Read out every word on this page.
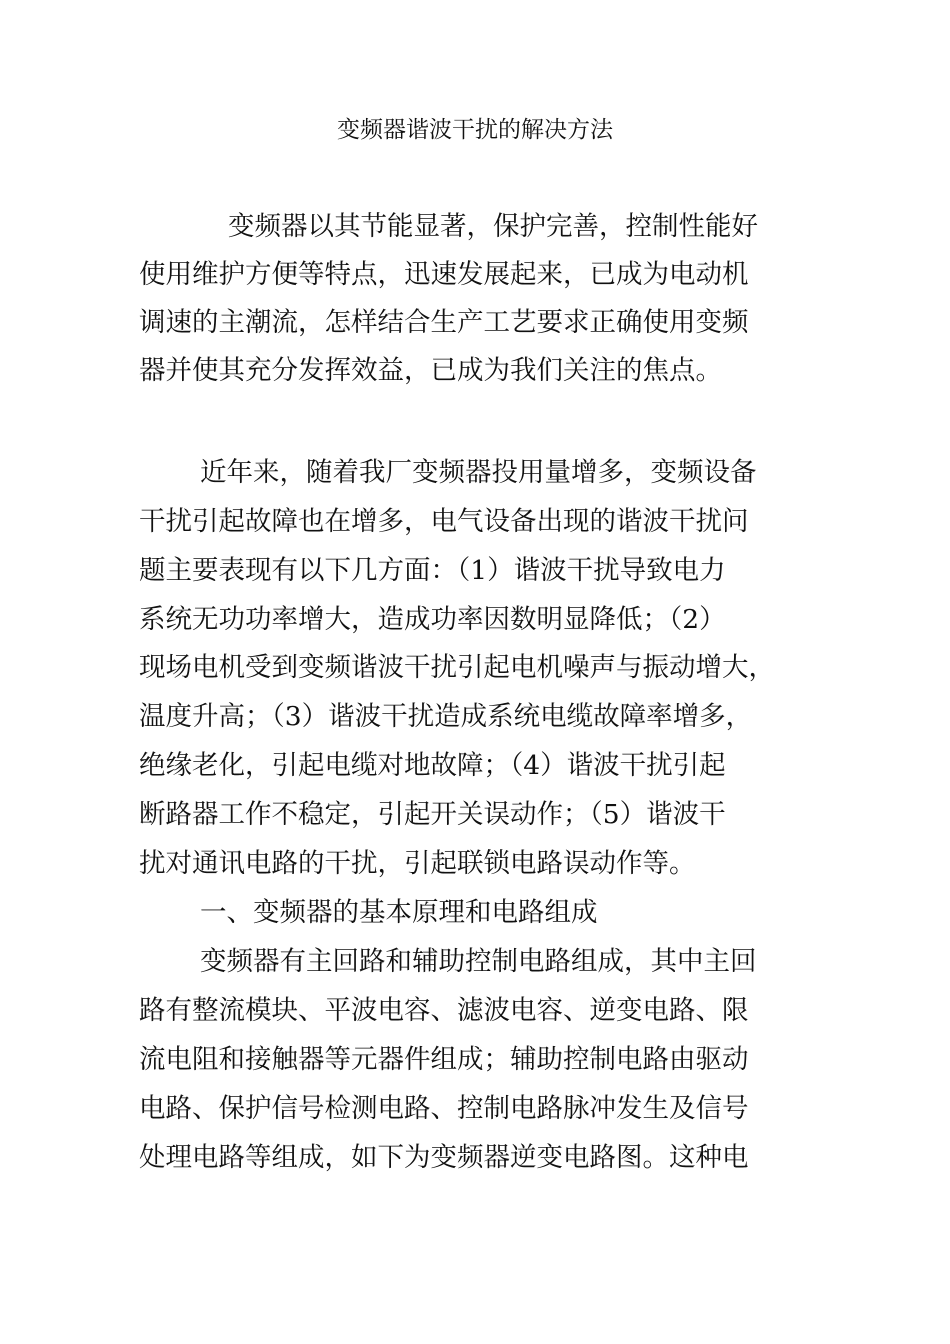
变频器谐波干扰的解决方法
变频器以其节能显著，保护完善，控制性能好
使用维护方便等特点，迅速发展起来，已成为电动机
调速的主潮流，怎样结合生产工艺要求正确使用变频
器并使其充分发挥效益，已成为我们关注的焦点。
近年来，随着我厂变频器投用量增多，变频设备
干扰引起故障也在增多，电气设备出现的谐波干扰问
题主要表现有以下几方面：（1）谐波干扰导致电力
系统无功功率增大，造成功率因数明显降低；（2）
现场电机受到变频谐波干扰引起电机噪声与振动增大，
温度升高；（3）谐波干扰造成系统电缆故障率增多，
绝缘老化，引起电缆对地故障；（4）谐波干扰引起
断路器工作不稳定，引起开关误动作；（5）谐波干
扰对通讯电路的干扰，引起联锁电路误动作等。
一、变频器的基本原理和电路组成
变频器有主回路和辅助控制电路组成，其中主回
路有整流模块、平波电容、滤波电容、逆变电路、限
流电阻和接触器等元器件组成；辅助控制电路由驱动
电路、保护信号检测电路、控制电路脉冲发生及信号
处理电路等组成，如下为变频器逆变电路图。这种电
